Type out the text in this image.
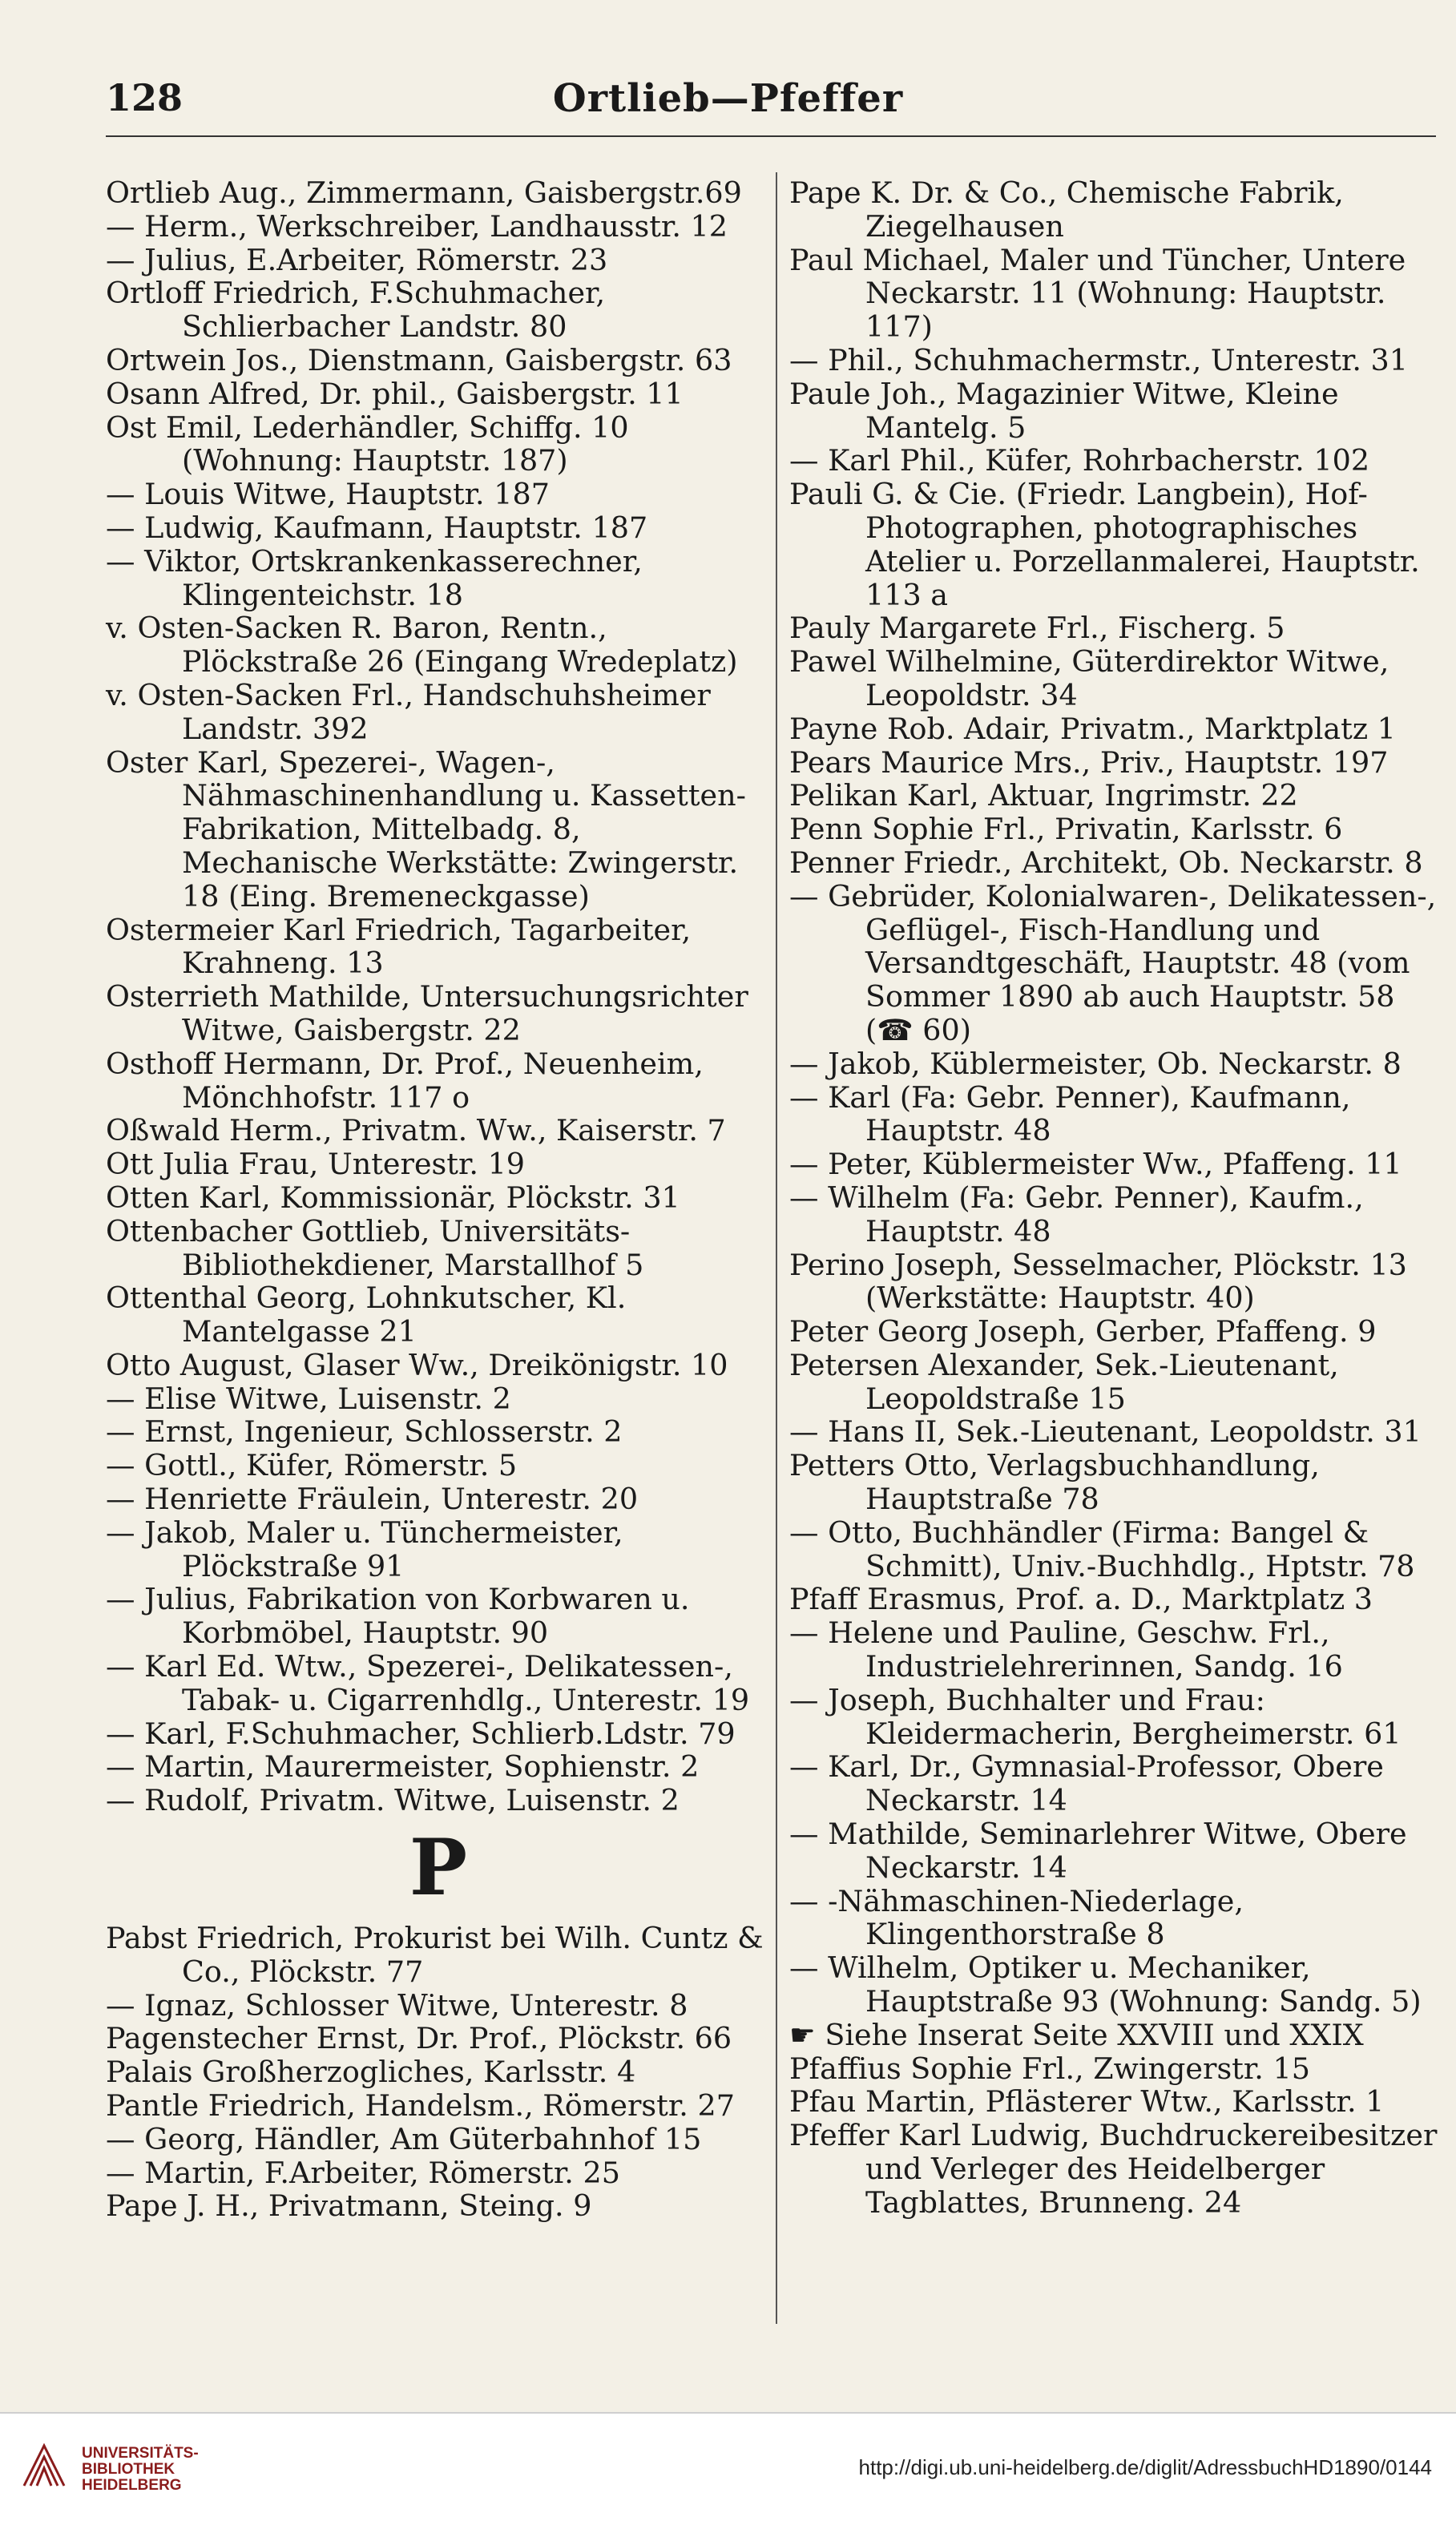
128	Ortlieb—Pfeffer

Ortlieb Aug., Zimmermann, Gaisbergstr.69

— Herm., Werkschreiber, Landhausstr. 12

— Julius, E.Arbeiter, Römerstr. 23

Ortloff Friedrich, F.Schuhmacher, Schlierbacher Landstr. 80

Ortwein Jos., Dienstmann, Gaisbergstr. 63

Osann Alfred, Dr. phil., Gaisbergstr. 11

Ost Emil, Lederhändler, Schiffg. 10 (Wohnung: Hauptstr. 187)

— Louis Witwe, Hauptstr. 187

— Ludwig, Kaufmann, Hauptstr. 187

— Viktor, Ortskrankenkasserechner, Klingenteichstr. 18

v. Osten-Sacken R. Baron, Rentn., Plöckstraße 26 (Eingang Wredeplatz)

v. Osten-Sacken Frl., Handschuhsheimer Landstr. 392

Oster Karl, Spezerei-, Wagen-, Nähmaschinenhandlung u. Kassetten-Fabrikation, Mittelbadg. 8, Mechanische Werkstätte: Zwingerstr. 18 (Eing. Bremeneckgasse)

Ostermeier Karl Friedrich, Tagarbeiter, Krahneng. 13

Osterrieth Mathilde, Untersuchungsrichter Witwe, Gaisbergstr. 22

Osthoff Hermann, Dr. Prof., Neuenheim, Mönchhofstr. 117 o

Oßwald Herm., Privatm. Ww., Kaiserstr. 7

Ott Julia Frau, Unterestr. 19

Otten Karl, Kommissionär, Plöckstr. 31

Ottenbacher Gottlieb, Universitäts-Bibliothekdiener, Marstallhof 5

Ottenthal Georg, Lohnkutscher, Kl. Mantelgasse 21

Otto August, Glaser Ww., Dreikönigstr. 10

— Elise Witwe, Luisenstr. 2

— Ernst, Ingenieur, Schlosserstr. 2

— Gottl., Küfer, Römerstr. 5

— Henriette Fräulein, Unterestr. 20

— Jakob, Maler u. Tünchermeister, Plöckstraße 91

— Julius, Fabrikation von Korbwaren u. Korbmöbel, Hauptstr. 90

— Karl Ed. Wtw., Spezerei-, Delikatessen-, Tabak- u. Cigarrenhdlg., Unterestr. 19

— Karl, F.Schuhmacher, Schlierb.Ldstr. 79

— Martin, Maurermeister, Sophienstr. 2

— Rudolf, Privatm. Witwe, Luisenstr. 2

P

Pabst Friedrich, Prokurist bei Wilh. Cuntz & Co., Plöckstr. 77

— Ignaz, Schlosser Witwe, Unterestr. 8

Pagenstecher Ernst, Dr. Prof., Plöckstr. 66

Palais Großherzogliches, Karlsstr. 4

Pantle Friedrich, Handelsm., Römerstr. 27

— Georg, Händler, Am Güterbahnhof 15

— Martin, F.Arbeiter, Römerstr. 25

Pape J. H., Privatmann, Steing. 9

Pape K. Dr. & Co., Chemische Fabrik, Ziegelhausen

Paul Michael, Maler und Tüncher, Untere Neckarstr. 11 (Wohnung: Hauptstr. 117)

— Phil., Schuhmachermstr., Unterestr. 31

Paule Joh., Magazinier Witwe, Kleine Mantelg. 5

— Karl Phil., Küfer, Rohrbacherstr. 102

Pauli G. & Cie. (Friedr. Langbein), Hof-Photographen, photographisches Atelier u. Porzellanmalerei, Hauptstr. 113 a

Pauly Margarete Frl., Fischerg. 5

Pawel Wilhelmine, Güterdirektor Witwe, Leopoldstr. 34

Payne Rob. Adair, Privatm., Marktplatz 1

Pears Maurice Mrs., Priv., Hauptstr. 197

Pelikan Karl, Aktuar, Ingrimstr. 22

Penn Sophie Frl., Privatin, Karlsstr. 6

Penner Friedr., Architekt, Ob. Neckarstr. 8

— Gebrüder, Kolonialwaren-, Delikatessen-, Geflügel-, Fisch-Handlung und Versandtgeschäft, Hauptstr. 48 (vom Sommer 1890 ab auch Hauptstr. 58 (☎ 60)

— Jakob, Küblermeister, Ob. Neckarstr. 8

— Karl (Fa: Gebr. Penner), Kaufmann, Hauptstr. 48

— Peter, Küblermeister Ww., Pfaffeng. 11

— Wilhelm (Fa: Gebr. Penner), Kaufm., Hauptstr. 48

Perino Joseph, Sesselmacher, Plöckstr. 13 (Werkstätte: Hauptstr. 40)

Peter Georg Joseph, Gerber, Pfaffeng. 9

Petersen Alexander, Sek.-Lieutenant, Leopoldstraße 15

— Hans II, Sek.-Lieutenant, Leopoldstr. 31

Petters Otto, Verlagsbuchhandlung, Hauptstraße 78

— Otto, Buchhändler (Firma: Bangel & Schmitt), Univ.-Buchhdlg., Hptstr. 78

Pfaff Erasmus, Prof. a. D., Marktplatz 3

— Helene und Pauline, Geschw. Frl., Industrielehrerinnen, Sandg. 16

— Joseph, Buchhalter und Frau: Kleidermacherin, Bergheimerstr. 61

— Karl, Dr., Gymnasial-Professor, Obere Neckarstr. 14

— Mathilde, Seminarlehrer Witwe, Obere Neckarstr. 14

— -Nähmaschinen-Niederlage, Klingenthorstraße 8

— Wilhelm, Optiker u. Mechaniker, Hauptstraße 93 (Wohnung: Sandg. 5)

☛ Siehe Inserat Seite XXVIII und XXIX

Pfaffius Sophie Frl., Zwingerstr. 15

Pfau Martin, Pflästerer Wtw., Karlsstr. 1

Pfeffer Karl Ludwig, Buchdruckereibesitzer und Verleger des Heidelberger Tagblattes, Brunneng. 24

UNIVERSITÄTS-
BIBLIOTHEK
HEIDELBERG
http://digi.ub.uni-heidelberg.de/diglit/AdressbuchHD1890/0144
